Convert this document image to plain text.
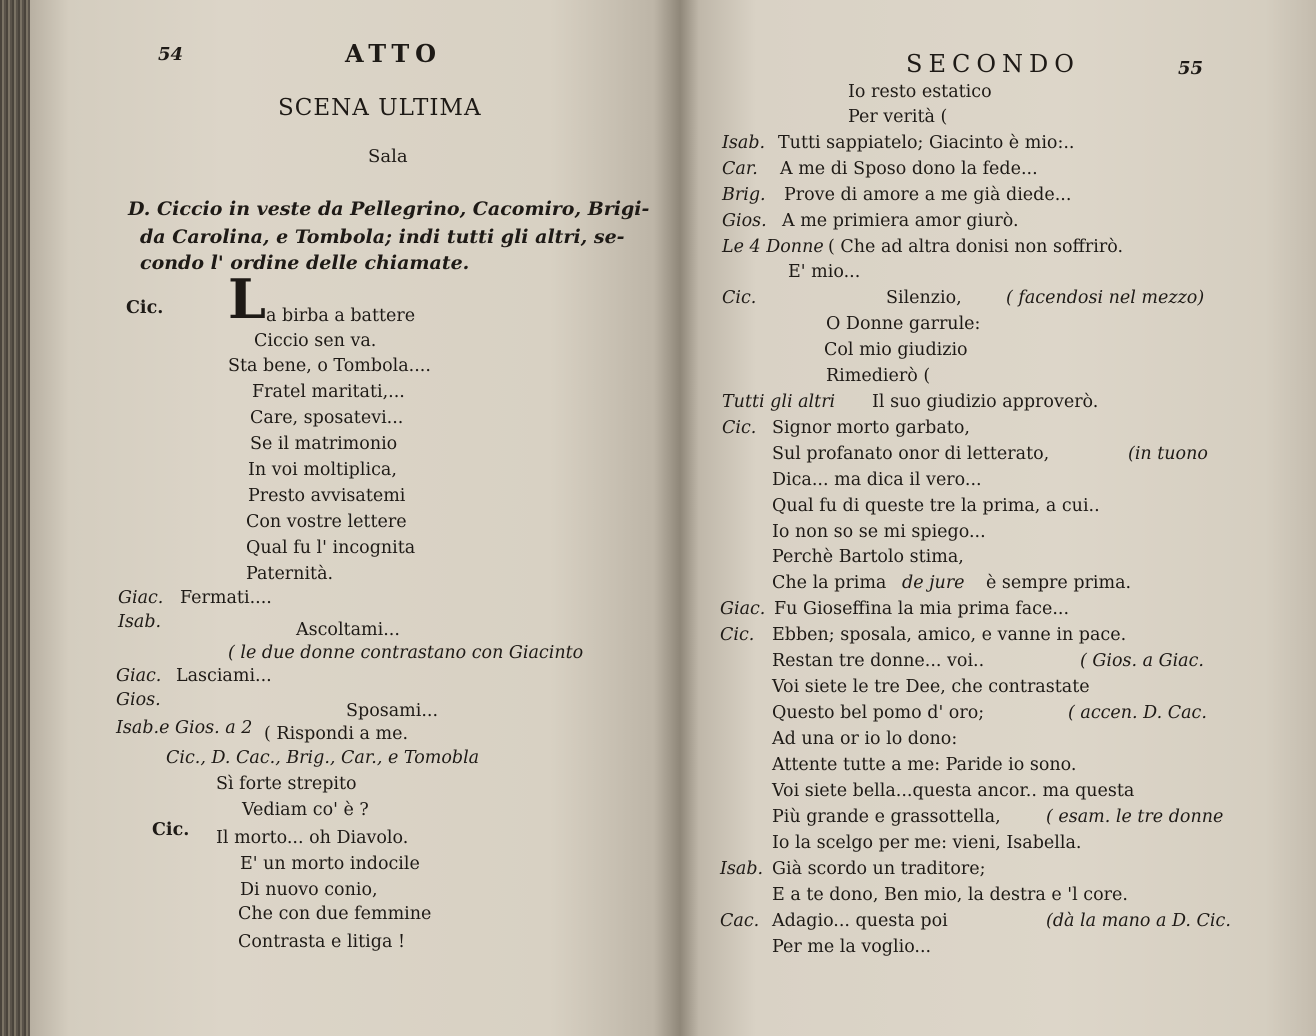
54	ATTO
SCENA ULTIMA
Sala
D. Ciccio in veste da Pellegrino, Cacomiro, Brigi-
da Carolina, e Tombola; indi tutti gli altri, se-
condo l' ordine delle chiamate.
Cic. L a birba a battere
Ciccio sen va.
Sta bene, o Tombola....
Fratel maritati,...
Care, sposatevi...
Se il matrimonio
In voi moltiplica,
Presto avvisatemi
Con vostre lettere
Qual fu l' incognita
Paternità.
Giac. Fermati....
Isab.	Ascoltami...
( le due donne contrastano con Giacinto
Giac. Lasciami...
Gios.
Sposami...
Isab.e Gios. a 2 ( Rispondi a me.
Cic., D. Cac., Brig., Car., e Tomobla
Sì forte strepito
Vediam co' è ?
Cic. Il morto... oh Diavolo.
E' un morto indocile
Di nuovo conio,
Che con due femmine
Contrasta e litiga !
SECONDO	55
Io resto estatico
Per verità (
Isab. Tutti sappiatelo; Giacinto è mio:..
Car. A me di Sposo dono la fede...
Brig. Prove di amore a me già diede...
Gios. A me primiera amor giurò.
Le 4 Donne ( Che ad altra donisi non soffrirò.
E' mio...
Cic.	Silenzio,	( facendosi nel mezzo)
O Donne garrule:
Col mio giudizio
Rimedierò (
Tutti gli altri Il suo giudizio approverò.
Cic. Signor morto garbato,
Sul profanato onor di letterato,	(in tuono
Dica... ma dica il vero...
Qual fu di queste tre la prima, a cui..
Io non so se mi spiego...
Perchè Bartolo stima,
Che la prima de jure è sempre prima.
Giac. Fu Gioseffina la mia prima face...
Cic. Ebben; sposala, amico, e vanne in pace.
Restan tre donne... voi..	( Gios. a Giac.
Voi siete le tre Dee, che contrastate
Questo bel pomo d' oro;	( accen. D. Cac.
Ad una or io lo dono:
Attente tutte a me: Paride io sono.
Voi siete bella...questa ancor.. ma questa
Più grande e grassottella,	( esam. le tre donne
Io la scelgo per me: vieni, Isabella.
Isab. Già scordo un traditore;
E a te dono, Ben mio, la destra e 'l core.
Cac. Adagio... questa poi	(dà la mano a D. Cic.
Per me la voglio...
